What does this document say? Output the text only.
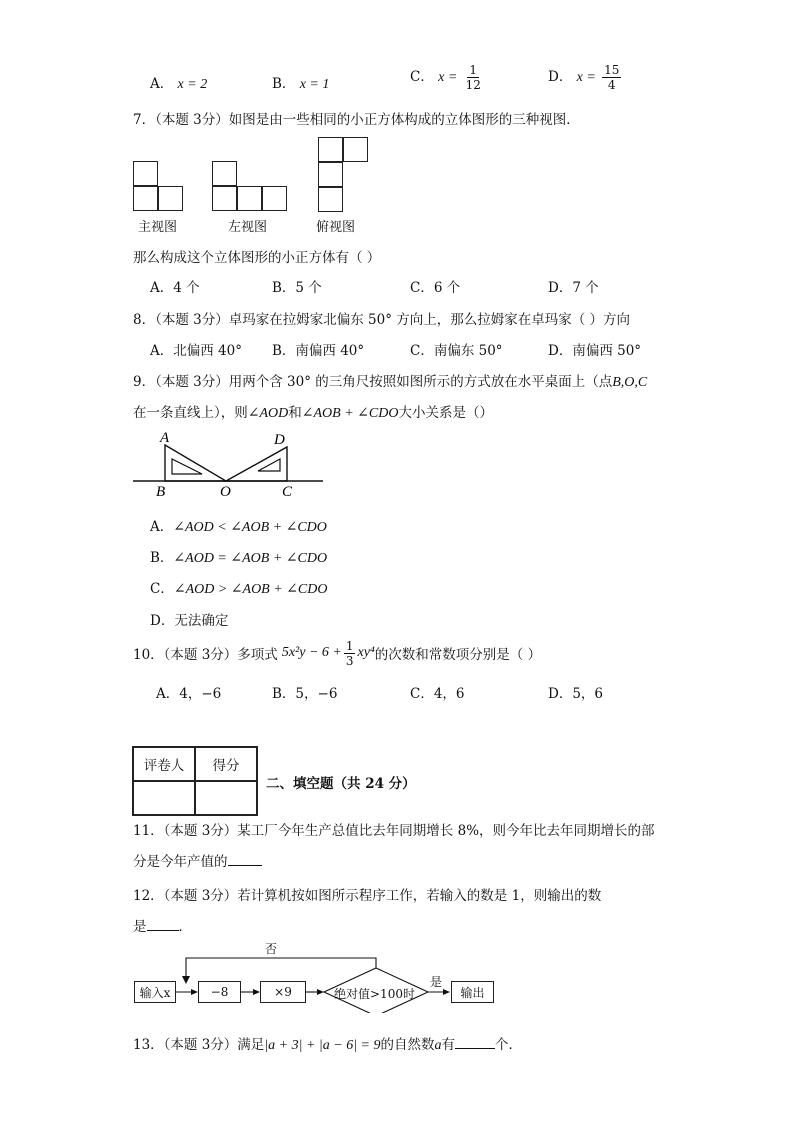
A． x = 2	B． x = 1	C． $x = \frac{1}{12}$	D． $x = \frac{15}{4}$
7．（本题 3分）如图是由一些相同的小正方体构成的立体图形的三种视图．
主视图	左视图	俯视图
那么构成这个立体图形的小正方体有（ ）
A．4 个	B．5 个	C．6 个	D．7 个
8．（本题 3分）卓玛家在拉姆家北偏东 50° 方向上，那么拉姆家在卓玛家（ ）方向
A．北偏西 40° B．南偏西 40°	C．南偏东 50°	D．南偏西 50°
9．（本题 3分）用两个含 30° 的三角尺按照如图所示的方式放在水平桌面上（点B,O,C
在一条直线上），则∠AOD和∠AOB + ∠CDO大小关系是（）
A
B	O	C
D
A．∠AOD < ∠AOB + ∠CDO
B．∠AOD = ∠AOB + ∠CDO
C．∠AOD > ∠AOB + ∠CDO
D．无法确定
10．（本题 3分）多项式 $5x^2y - 6 + \frac{1}{3} xy^4$ 的次数和常数项分别是（ ）
A．4，−6	B．5，−6	C．4，6	D．5，6
评卷人	得分

二、填空题（共 24 分）
11．（本题 3分）某工厂今年生产总值比去年同期增长 8%，则今年比去年同期增长的部
分是今年产值的
12．（本题 3分）若计算机按如图所示程序工作，若输入的数是 1，则输出的数
是 ．
否
是
输入x	−8	×9	绝对值>100时	输出
13．（本题 3分）满足|a + 3| + |a − 6| = 9的自然数a有	个．
